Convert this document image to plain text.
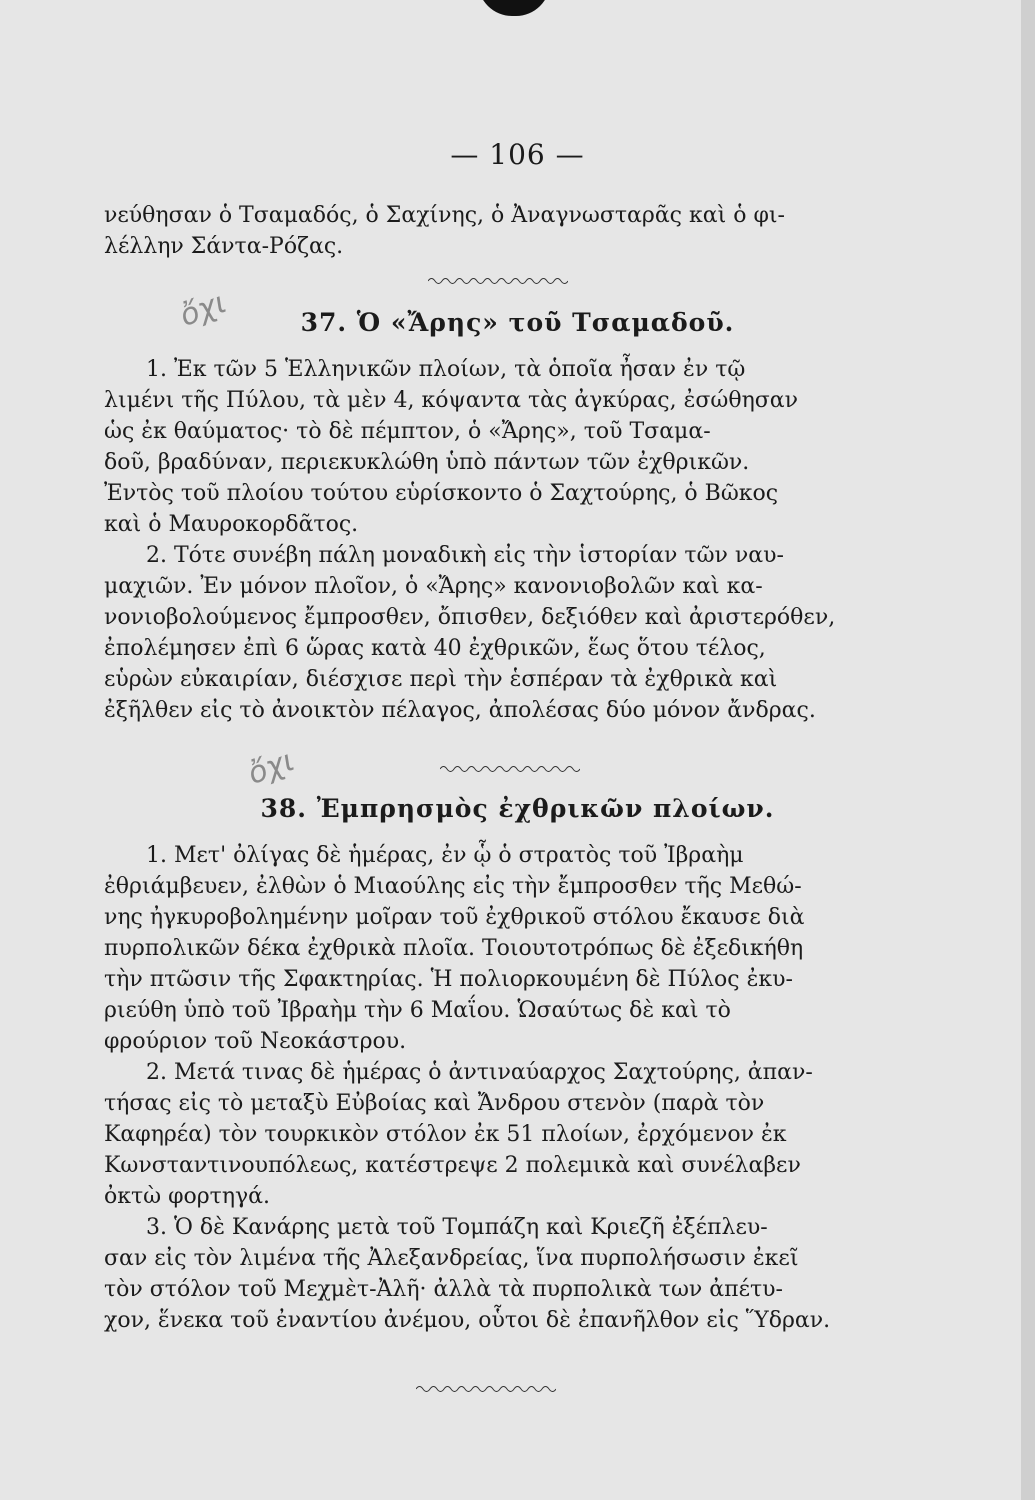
— 106 —

νεύθησαν ὁ Τσαμαδός, ὁ Σαχίνης, ὁ Ἀναγνωσταρᾶς καὶ ὁ φι-

λέλλην Σάντα-Ρόζας.

ὄχι	37. Ὁ «Ἄρης» τοῦ Τσαμαδοῦ.

1. Ἐκ τῶν 5 Ἑλληνικῶν πλοίων, τὰ ὁποῖα ἦσαν ἐν τῷ

λιμένι τῆς Πύλου, τὰ μὲν 4, κόψαντα τὰς ἀγκύρας, ἐσώθησαν

ὡς ἐκ θαύματος· τὸ δὲ πέμπτον, ὁ «Ἄρης», τοῦ Τσαμα-

δοῦ, βραδύναν, περιεκυκλώθη ὑπὸ πάντων τῶν ἐχθρικῶν.

Ἐντὸς τοῦ πλοίου τούτου εὑρίσκοντο ὁ Σαχτούρης, ὁ Βῶκος

καὶ ὁ Μαυροκορδᾶτος.

2. Τότε συνέβη πάλη μοναδικὴ εἰς τὴν ἱστορίαν τῶν ναυ-

μαχιῶν. Ἐν μόνον πλοῖον, ὁ «Ἄρης» κανονιοβολῶν καὶ κα-

νονιοβολούμενος ἔμπροσθεν, ὄπισθεν, δεξιόθεν καὶ ἀριστερόθεν,

ἐπολέμησεν ἐπὶ 6 ὥρας κατὰ 40 ἐχθρικῶν, ἕως ὅτου τέλος,

εὑρὼν εὐκαιρίαν, διέσχισε περὶ τὴν ἑσπέραν τὰ ἐχθρικὰ καὶ

ἐξῆλθεν εἰς τὸ ἀνοικτὸν πέλαγος, ἀπολέσας δύο μόνον ἄνδρας.

ὄχι
38. Ἐμπρησμὸς ἐχθρικῶν πλοίων.

1. Μετ' ὀλίγας δὲ ἡμέρας, ἐν ᾧ ὁ στρατὸς τοῦ Ἰβραὴμ

ἐθριάμβευεν, ἐλθὼν ὁ Μιαούλης εἰς τὴν ἔμπροσθεν τῆς Μεθώ-

νης ἠγκυροβολημένην μοῖραν τοῦ ἐχθρικοῦ στόλου ἔκαυσε διὰ

πυρπολικῶν δέκα ἐχθρικὰ πλοῖα. Τοιουτοτρόπως δὲ ἐξεδικήθη

τὴν πτῶσιν τῆς Σφακτηρίας. Ἡ πολιορκουμένη δὲ Πύλος ἐκυ-

ριεύθη ὑπὸ τοῦ Ἰβραὴμ τὴν 6 Μαΐου. Ὡσαύτως δὲ καὶ τὸ

φρούριον τοῦ Νεοκάστρου.

2. Μετά τινας δὲ ἡμέρας ὁ ἀντιναύαρχος Σαχτούρης, ἀπαν-

τήσας εἰς τὸ μεταξὺ Εὐβοίας καὶ Ἄνδρου στενὸν (παρὰ τὸν

Καφηρέα) τὸν τουρκικὸν στόλον ἐκ 51 πλοίων, ἐρχόμενον ἐκ

Κωνσταντινουπόλεως, κατέστρεψε 2 πολεμικὰ καὶ συνέλαβεν

ὀκτὼ φορτηγά.

3. Ὁ δὲ Κανάρης μετὰ τοῦ Τομπάζη καὶ Κριεζῆ ἐξέπλευ-

σαν εἰς τὸν λιμένα τῆς Ἀλεξανδρείας, ἵνα πυρπολήσωσιν ἐκεῖ

τὸν στόλον τοῦ Μεχμὲτ-Ἀλῆ· ἀλλὰ τὰ πυρπολικὰ των ἀπέτυ-

χον, ἕνεκα τοῦ ἐναντίου ἀνέμου, οὗτοι δὲ ἐπανῆλθον εἰς Ὕδραν.
